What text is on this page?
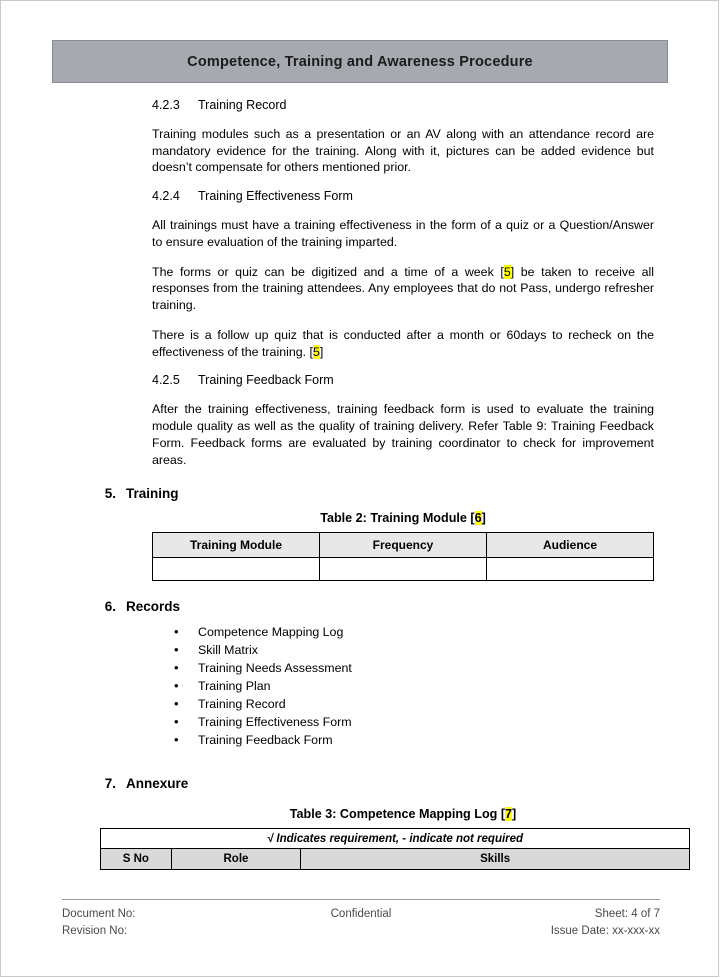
Competence, Training and Awareness Procedure
4.2.3 Training Record

Training modules such as a presentation or an AV along with an attendance record are mandatory evidence for the training. Along with it, pictures can be added evidence but doesn’t compensate for others mentioned prior.

4.2.4 Training Effectiveness Form

All trainings must have a training effectiveness in the form of a quiz or a Question/Answer to ensure evaluation of the training imparted.

The forms or quiz can be digitized and a time of a week [5] be taken to receive all responses from the training attendees. Any employees that do not Pass, undergo refresher training.

There is a follow up quiz that is conducted after a month or 60days to recheck on the effectiveness of the training. [5]

4.2.5 Training Feedback Form

After the training effectiveness, training feedback form is used to evaluate the training module quality as well as the quality of training delivery. Refer Table 9: Training Feedback Form. Feedback forms are evaluated by training coordinator to check for improvement areas.

5. Training
Table 2: Training Module [6]
Training Module	Frequency	Audience

6. Records
• Competence Mapping Log
• Skill Matrix
• Training Needs Assessment
• Training Plan
• Training Record
• Training Effectiveness Form
• Training Feedback Form
7. Annexure
Table 3: Competence Mapping Log [7]
√ Indicates requirement, - indicate not required
S No	Role	Skills
Document No:	Confidential	Sheet: 4 of 7
Revision No:	Issue Date: xx-xxx-xx
